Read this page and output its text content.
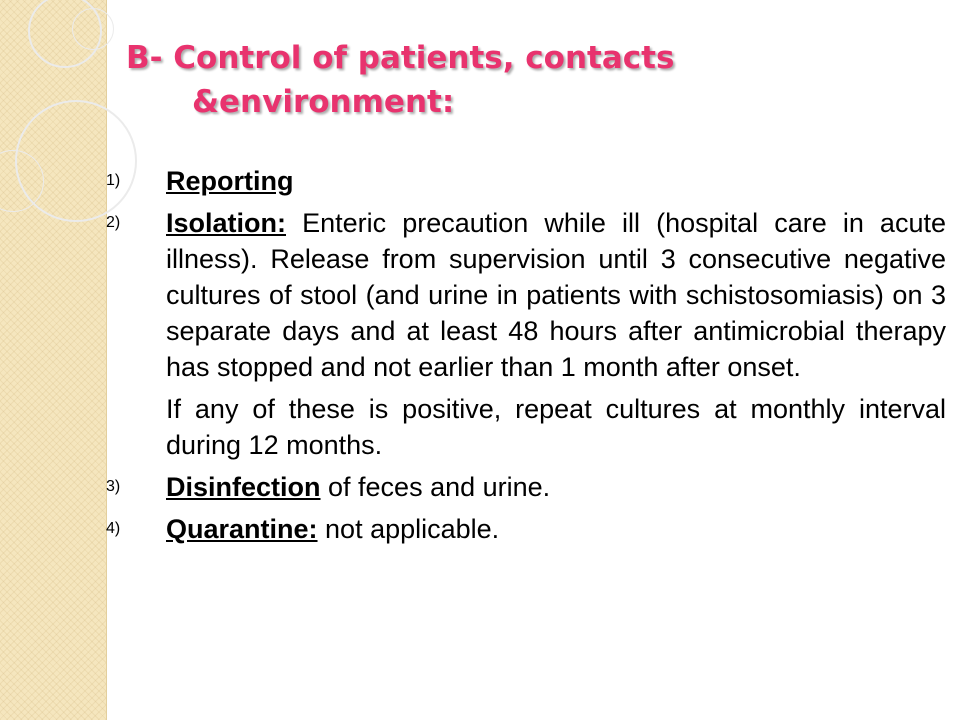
B- Control of patients, contacts
&environment:
1)	Reporting
2)	Isolation: Enteric precaution while ill (hospital care in acute illness). Release from supervision until 3 consecutive negative cultures of stool (and urine in patients with schistosomiasis) on 3 separate days and at least 48 hours after antimicrobial therapy has stopped and not earlier than 1 month after onset.
If any of these is positive, repeat cultures at monthly interval during 12 months.
3)	Disinfection of feces and urine.
4)	Quarantine: not applicable.
